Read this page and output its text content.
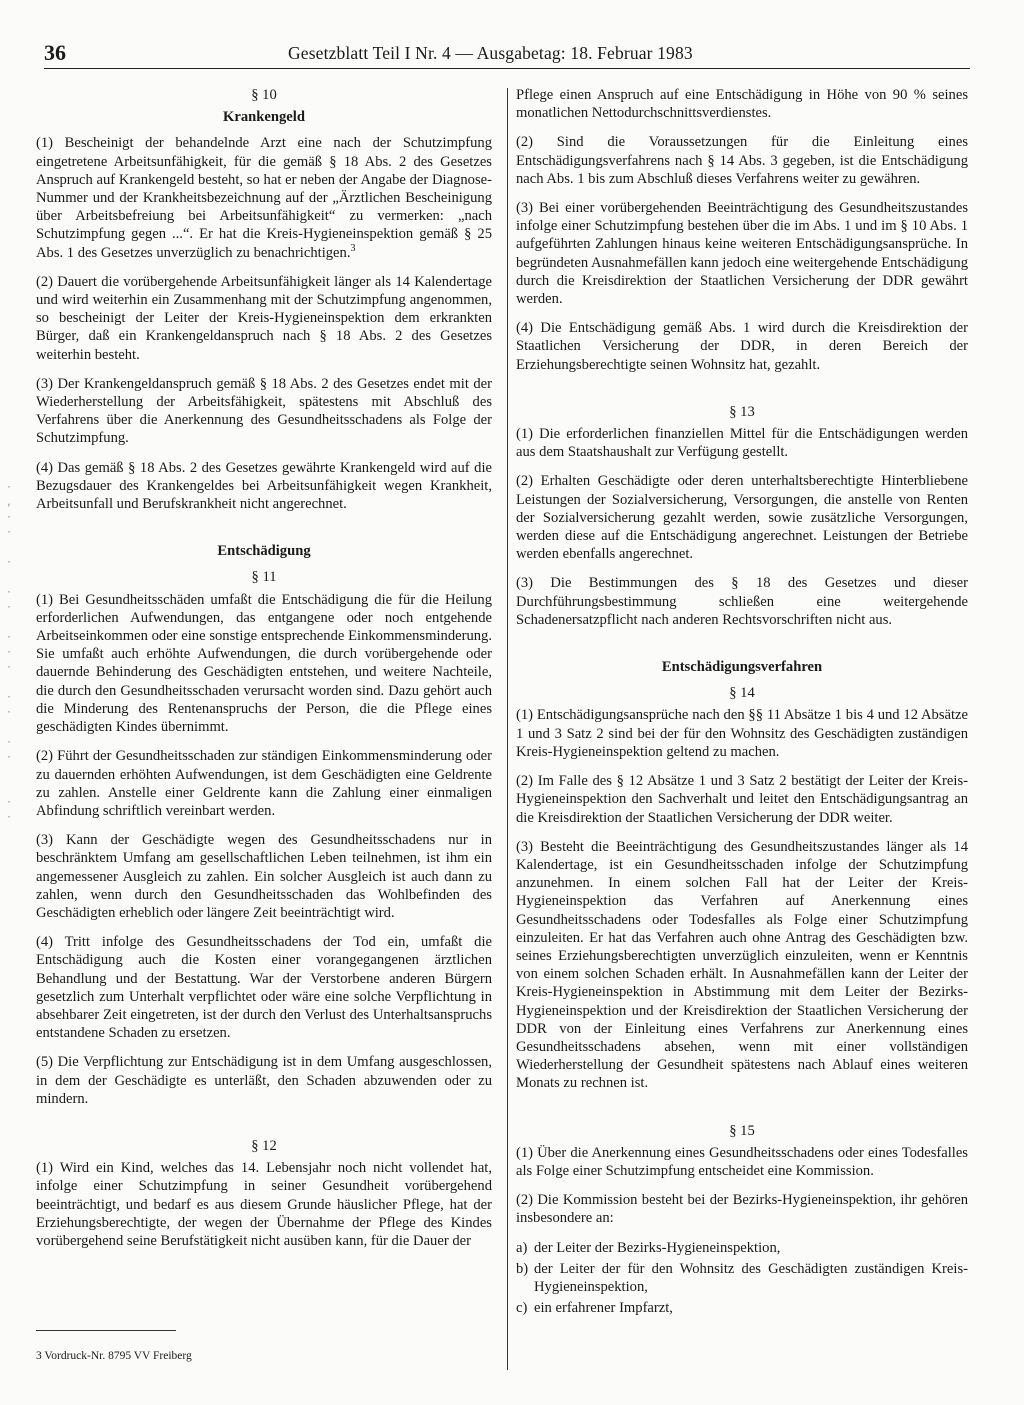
36	Gesetzblatt Teil I Nr. 4 — Ausgabetag: 18. Februar 1983
·
‚
·
·

·

·
·

·
·
·

·
·

·
·

·
·

§ 10

Krankengeld

(1) Bescheinigt der behandelnde Arzt eine nach der Schutzimpfung eingetretene Arbeitsunfähigkeit, für die gemäß § 18 Abs. 2 des Gesetzes Anspruch auf Krankengeld besteht, so hat er neben der Angabe der Diagnose-Nummer und der Krankheitsbezeichnung auf der „Ärztlichen Bescheinigung über Arbeitsbefreiung bei Arbeitsunfähigkeit“ zu vermerken: „nach Schutzimpfung gegen ...“. Er hat die Kreis-Hygieneinspektion gemäß § 25 Abs. 1 des Gesetzes unverzüglich zu benachrichtigen.$^3$

(2) Dauert die vorübergehende Arbeitsunfähigkeit länger als 14 Kalendertage und wird weiterhin ein Zusammenhang mit der Schutzimpfung angenommen, so bescheinigt der Leiter der Kreis-Hygieneinspektion dem erkrankten Bürger, daß ein Krankengeldanspruch nach § 18 Abs. 2 des Gesetzes weiterhin besteht.

(3) Der Krankengeldanspruch gemäß § 18 Abs. 2 des Gesetzes endet mit der Wiederherstellung der Arbeitsfähigkeit, spätestens mit Abschluß des Verfahrens über die Anerkennung des Gesundheitsschadens als Folge der Schutzimpfung.

(4) Das gemäß § 18 Abs. 2 des Gesetzes gewährte Krankengeld wird auf die Bezugsdauer des Krankengeldes bei Arbeitsunfähigkeit wegen Krankheit, Arbeitsunfall und Berufskrankheit nicht angerechnet.

Entschädigung

§ 11

(1) Bei Gesundheitsschäden umfaßt die Entschädigung die für die Heilung erforderlichen Aufwendungen, das entgangene oder noch entgehende Arbeitseinkommen oder eine sonstige entsprechende Einkommensminderung. Sie umfaßt auch erhöhte Aufwendungen, die durch vorübergehende oder dauernde Behinderung des Geschädigten entstehen, und weitere Nachteile, die durch den Gesundheitsschaden verursacht worden sind. Dazu gehört auch die Minderung des Rentenanspruchs der Person, die die Pflege eines geschädigten Kindes übernimmt.

(2) Führt der Gesundheitsschaden zur ständigen Einkommensminderung oder zu dauernden erhöhten Aufwendungen, ist dem Geschädigten eine Geldrente zu zahlen. Anstelle einer Geldrente kann die Zahlung einer einmaligen Abfindung schriftlich vereinbart werden.

(3) Kann der Geschädigte wegen des Gesundheitsschadens nur in beschränktem Umfang am gesellschaftlichen Leben teilnehmen, ist ihm ein angemessener Ausgleich zu zahlen. Ein solcher Ausgleich ist auch dann zu zahlen, wenn durch den Gesundheitsschaden das Wohlbefinden des Geschädigten erheblich oder längere Zeit beeinträchtigt wird.

(4) Tritt infolge des Gesundheitsschadens der Tod ein, umfaßt die Entschädigung auch die Kosten einer vorangegangenen ärztlichen Behandlung und der Bestattung. War der Verstorbene anderen Bürgern gesetzlich zum Unterhalt verpflichtet oder wäre eine solche Verpflichtung in absehbarer Zeit eingetreten, ist der durch den Verlust des Unterhaltsanspruchs entstandene Schaden zu ersetzen.

(5) Die Verpflichtung zur Entschädigung ist in dem Umfang ausgeschlossen, in dem der Geschädigte es unterläßt, den Schaden abzuwenden oder zu mindern.

§ 12

(1) Wird ein Kind, welches das 14. Lebensjahr noch nicht vollendet hat, infolge einer Schutzimpfung in seiner Gesundheit vorübergehend beeinträchtigt, und bedarf es aus diesem Grunde häuslicher Pflege, hat der Erziehungsberechtigte, der wegen der Übernahme der Pflege des Kindes vorübergehend seine Berufstätigkeit nicht ausüben kann, für die Dauer der

Pflege einen Anspruch auf eine Entschädigung in Höhe von 90 % seines monatlichen Nettodurchschnittsverdienstes.

(2) Sind die Voraussetzungen für die Einleitung eines Entschädigungsverfahrens nach § 14 Abs. 3 gegeben, ist die Entschädigung nach Abs. 1 bis zum Abschluß dieses Verfahrens weiter zu gewähren.

(3) Bei einer vorübergehenden Beeinträchtigung des Gesundheitszustandes infolge einer Schutzimpfung bestehen über die im Abs. 1 und im § 10 Abs. 1 aufgeführten Zahlungen hinaus keine weiteren Entschädigungsansprüche. In begründeten Ausnahmefällen kann jedoch eine weitergehende Entschädigung durch die Kreisdirektion der Staatlichen Versicherung der DDR gewährt werden.

(4) Die Entschädigung gemäß Abs. 1 wird durch die Kreisdirektion der Staatlichen Versicherung der DDR, in deren Bereich der Erziehungsberechtigte seinen Wohnsitz hat, gezahlt.

§ 13

(1) Die erforderlichen finanziellen Mittel für die Entschädigungen werden aus dem Staatshaushalt zur Verfügung gestellt.

(2) Erhalten Geschädigte oder deren unterhaltsberechtigte Hinterbliebene Leistungen der Sozialversicherung, Versorgungen, die anstelle von Renten der Sozialversicherung gezahlt werden, sowie zusätzliche Versorgungen, werden diese auf die Entschädigung angerechnet. Leistungen der Betriebe werden ebenfalls angerechnet.

(3) Die Bestimmungen des § 18 des Gesetzes und dieser Durchführungsbestimmung schließen eine weitergehende Schadenersatzpflicht nach anderen Rechtsvorschriften nicht aus.

Entschädigungsverfahren

§ 14

(1) Entschädigungsansprüche nach den §§ 11 Absätze 1 bis 4 und 12 Absätze 1 und 3 Satz 2 sind bei der für den Wohnsitz des Geschädigten zuständigen Kreis-Hygieneinspektion geltend zu machen.

(2) Im Falle des § 12 Absätze 1 und 3 Satz 2 bestätigt der Leiter der Kreis-Hygieneinspektion den Sachverhalt und leitet den Entschädigungsantrag an die Kreisdirektion der Staatlichen Versicherung der DDR weiter.

(3) Besteht die Beeinträchtigung des Gesundheitszustandes länger als 14 Kalendertage, ist ein Gesundheitsschaden infolge der Schutzimpfung anzunehmen. In einem solchen Fall hat der Leiter der Kreis-Hygieneinspektion das Verfahren auf Anerkennung eines Gesundheitsschadens oder Todesfalles als Folge einer Schutzimpfung einzuleiten. Er hat das Verfahren auch ohne Antrag des Geschädigten bzw. seines Erziehungsberechtigten unverzüglich einzuleiten, wenn er Kenntnis von einem solchen Schaden erhält. In Ausnahmefällen kann der Leiter der Kreis-Hygieneinspektion in Abstimmung mit dem Leiter der Bezirks-Hygieneinspektion und der Kreisdirektion der Staatlichen Versicherung der DDR von der Einleitung eines Verfahrens zur Anerkennung eines Gesundheitsschadens absehen, wenn mit einer vollständigen Wiederherstellung der Gesundheit spätestens nach Ablauf eines weiteren Monats zu rechnen ist.

§ 15

(1) Über die Anerkennung eines Gesundheitsschadens oder eines Todesfalles als Folge einer Schutzimpfung entscheidet eine Kommission.

(2) Die Kommission besteht bei der Bezirks-Hygieneinspektion, ihr gehören insbesondere an:

a) der Leiter der Bezirks-Hygieneinspektion,
b) der Leiter der für den Wohnsitz des Geschädigten zuständigen Kreis-Hygieneinspektion,
c) ein erfahrener Impfarzt,
3 Vordruck-Nr. 8795 VV Freiberg
